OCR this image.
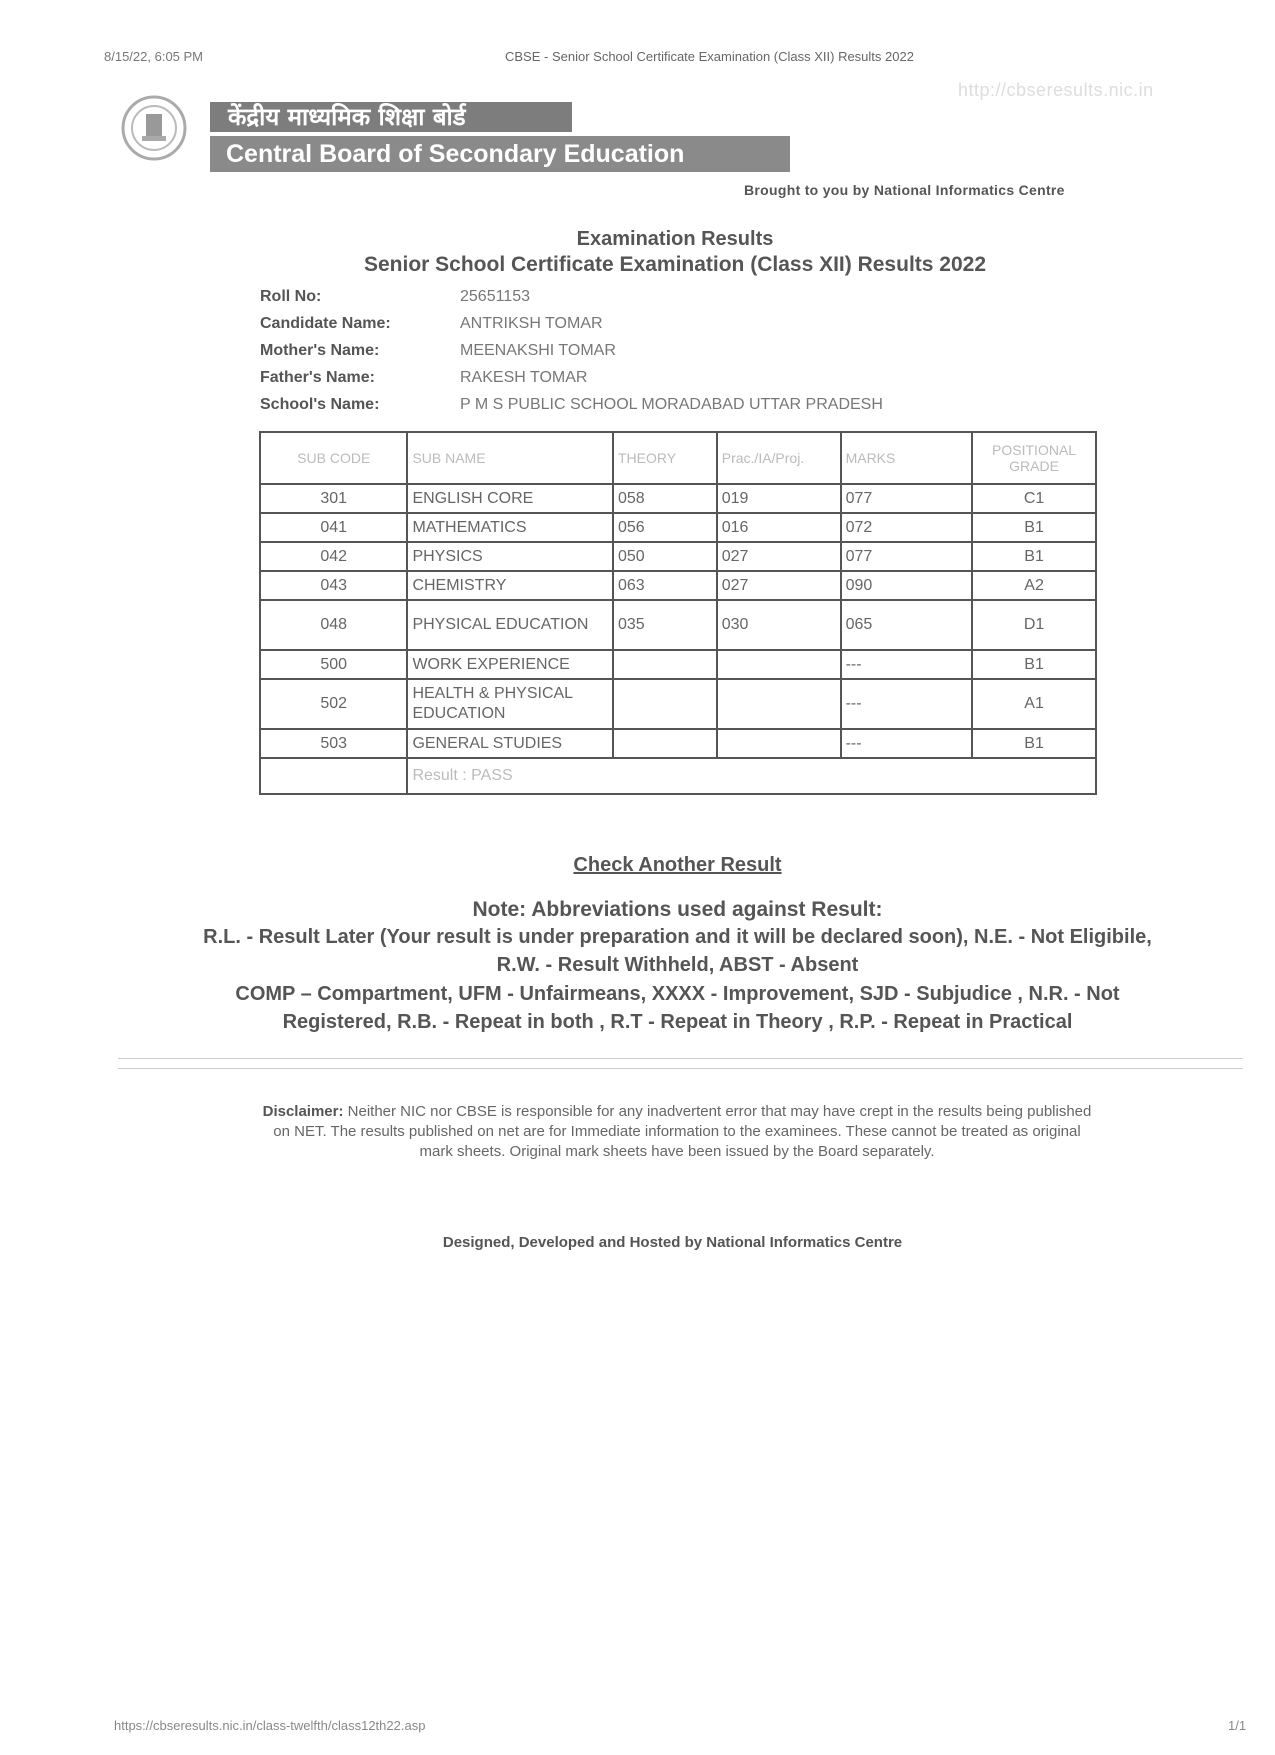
8/15/22, 6:05 PM	CBSE - Senior School Certificate Examination (Class XII) Results 2022
http://cbseresults.nic.in
केंद्रीय माध्यमिक शिक्षा बोर्ड
Central Board of Secondary Education
Brought to you by National Informatics Centre
Examination Results
Senior School Certificate Examination (Class XII) Results 2022
Roll No:	25651153
Candidate Name:	ANTRIKSH TOMAR
Mother's Name:	MEENAKSHI TOMAR
Father's Name:	RAKESH TOMAR
School's Name:	P M S PUBLIC SCHOOL MORADABAD UTTAR PRADESH
SUB CODE	SUB NAME	THEORY	Prac./IA/Proj.	MARKS	POSITIONAL GRADE
301	ENGLISH CORE	058	019	077	C1
041	MATHEMATICS	056	016	072	B1
042	PHYSICS	050	027	077	B1
043	CHEMISTRY	063	027	090	A2
048	PHYSICAL EDUCATION	035	030	065	D1
500	WORK EXPERIENCE			---	B1
502	HEALTH & PHYSICAL EDUCATION			---	A1
503	GENERAL STUDIES			---	B1
	Result : PASS				
Check Another Result
Note: Abbreviations used against Result:
R.L. - Result Later (Your result is under preparation and it will be declared soon), N.E. - Not Eligibile,
R.W. - Result Withheld, ABST - Absent
COMP – Compartment, UFM - Unfairmeans, XXXX - Improvement, SJD - Subjudice , N.R. - Not
Registered, R.B. - Repeat in both , R.T - Repeat in Theory , R.P. - Repeat in Practical
Disclaimer: Neither NIC nor CBSE is responsible for any inadvertent error that may have crept in the results being published on NET. The results published on net are for Immediate information to the examinees. These cannot be treated as original mark sheets. Original mark sheets have been issued by the Board separately.
Designed, Developed and Hosted by National Informatics Centre
https://cbseresults.nic.in/class-twelfth/class12th22.asp	1/1
